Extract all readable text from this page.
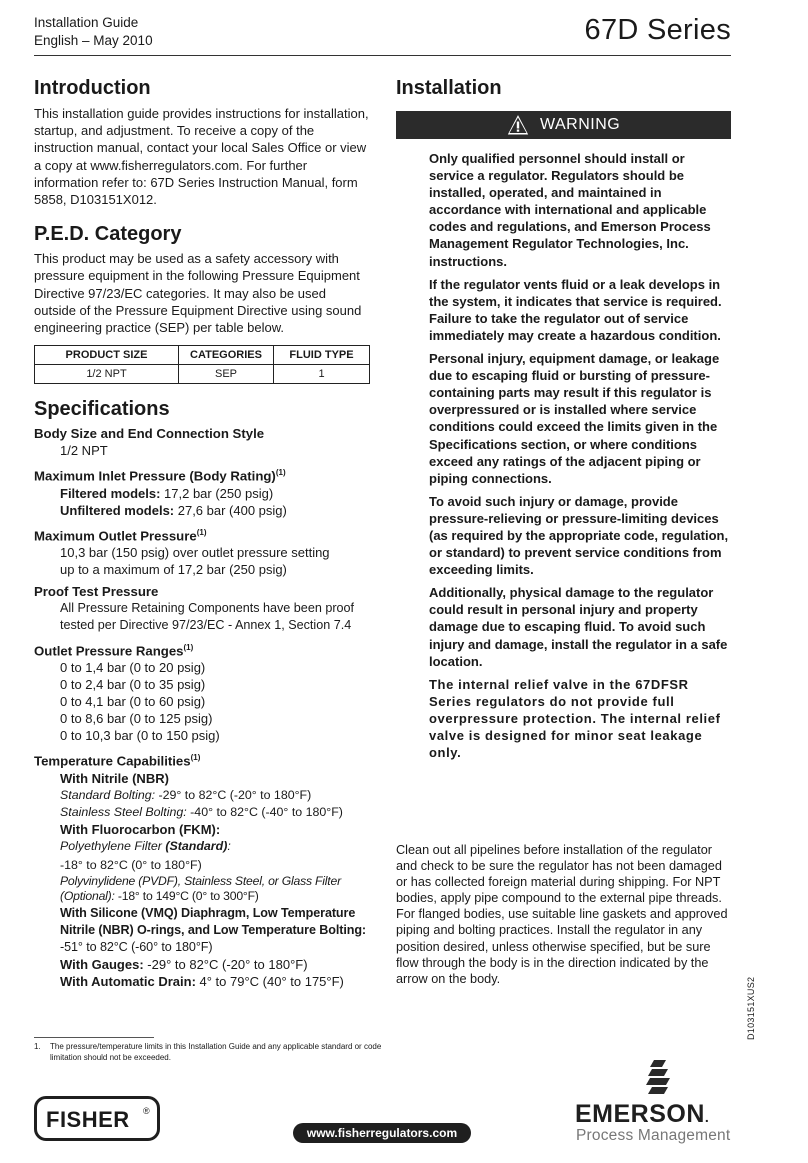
Installation Guide
English – May 2010	67D Series
Introduction

This installation guide provides instructions for installation, startup, and adjustment. To receive a copy of the instruction manual, contact your local Sales Office or view a copy at www.fisherregulators.com. For further information refer to: 67D Series Instruction Manual, form 5858, D103151X012.

P.E.D. Category

This product may be used as a safety accessory with pressure equipment in the following Pressure Equipment Directive 97/23/EC categories. It may also be used outside of the Pressure Equipment Directive using sound engineering practice (SEP) per table below.

PRODUCT SIZE	CATEGORIES	FLUID TYPE
1/2 NPT	SEP	1
Specifications
Body Size and End Connection Style
1/2 NPT
Maximum Inlet Pressure (Body Rating)$^{(1)}$
Filtered models: 17,2 bar (250 psig)
Unfiltered models: 27,6 bar (400 psig)
Maximum Outlet Pressure$^{(1)}$
10,3 bar (150 psig) over outlet pressure setting
up to a maximum of 17,2 bar (250 psig)
Proof Test Pressure
All Pressure Retaining Components have been proof tested per Directive 97/23/EC - Annex 1, Section 7.4
Outlet Pressure Ranges$^{(1)}$
0 to 1,4 bar (0 to 20 psig)
0 to 2,4 bar (0 to 35 psig)
0 to 4,1 bar (0 to 60 psig)
0 to 8,6 bar (0 to 125 psig)
0 to 10,3 bar (0 to 150 psig)
Temperature Capabilities$^{(1)}$
With Nitrile (NBR)
Standard Bolting: -29° to 82°C (-20° to 180°F)
Stainless Steel Bolting: -40° to 82°C (-40° to 180°F)
With Fluorocarbon (FKM):
Polyethylene Filter (Standard):
-18° to 82°C (0° to 180°F)
Polyvinylidene (PVDF), Stainless Steel, or Glass Filter (Optional): -18° to 149°C (0° to 300°F)
With Silicone (VMQ) Diaphragm, Low Temperature Nitrile (NBR) O-rings, and Low Temperature Bolting: -51° to 82°C (-60° to 180°F)
With Gauges: -29° to 82°C (-20° to 180°F)
With Automatic Drain: 4° to 79°C (40° to 175°F)
Installation
WARNING

Only qualified personnel should install or service a regulator. Regulators should be installed, operated, and maintained in accordance with international and applicable codes and regulations, and Emerson Process Management Regulator Technologies, Inc. instructions.

If the regulator vents fluid or a leak develops in the system, it indicates that service is required. Failure to take the regulator out of service immediately may create a hazardous condition.

Personal injury, equipment damage, or leakage due to escaping fluid or bursting of pressure-containing parts may result if this regulator is overpressured or is installed where service conditions could exceed the limits given in the Specifications section, or where conditions exceed any ratings of the adjacent piping or piping connections.

To avoid such injury or damage, provide pressure-relieving or pressure-limiting devices (as required by the appropriate code, regulation, or standard) to prevent service conditions from exceeding limits.

Additionally, physical damage to the regulator could result in personal injury and property damage due to escaping fluid. To avoid such injury and damage, install the regulator in a safe location.

The internal relief valve in the 67DFSR Series regulators do not provide full overpressure protection. The internal relief valve is designed for minor seat leakage only.

Clean out all pipelines before installation of the regulator and check to be sure the regulator has not been damaged or has collected foreign material during shipping. For NPT bodies, apply pipe compound to the external pipe threads. For flanged bodies, use suitable line gaskets and approved piping and bolting practices. Install the regulator in any position desired, unless otherwise specified, but be sure flow through the body is in the direction indicated by the arrow on the body.
1.	The pressure/temperature limits in this Installation Guide and any applicable standard or code limitation should not be exceeded.
D103151XUS2
FISHER ®
www.fisherregulators.com
EMERSON.
Process Management
